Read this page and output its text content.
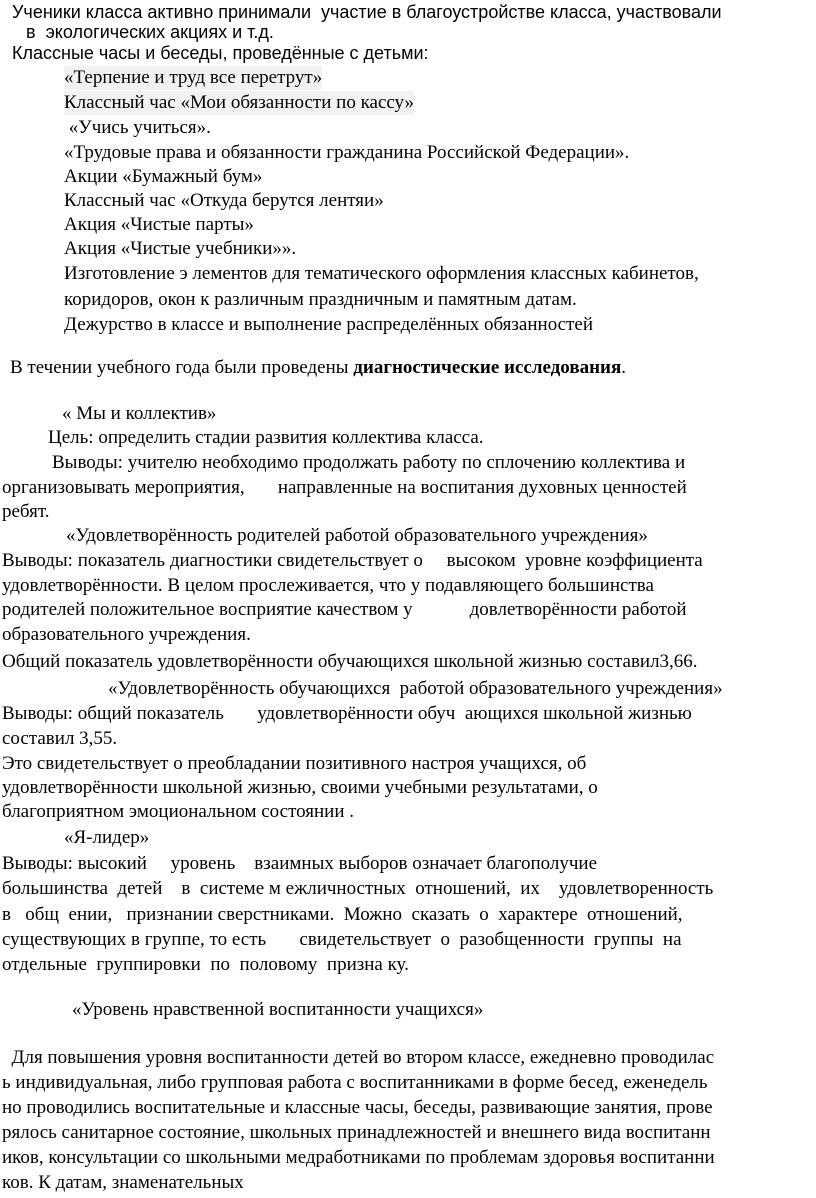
Ученики класса активно принимали  участие в благоустройстве класса, участвовали
в  экологических акциях и т.д.
Классные часы и беседы, проведённые с детьми:
«Терпение и труд все перетрут»
Классный час «Мои обязанности по кассу»
«Учись учиться».
«Трудовые права и обязанности гражданина Российской Федерации».
Акции «Бумажный бум»
Классный час «Откуда берутся лентяи»
Акция «Чистые парты»
Акция «Чистые учебники»».
Изготовление э лементов для тематического оформления классных кабинетов,
коридоров, окон к различным праздничным и памятным датам.
Дежурство в классе и выполнение распределённых обязанностей
В течении учебного года были проведены диагностические исследования.
« Мы и коллектив»
Цель: определить стадии развития коллектива класса.
Выводы: учителю необходимо продолжать работу по сплочению коллектива и
организовывать мероприятия,       направленные на воспитания духовных ценностей
ребят.
«Удовлетворённость родителей работой образовательного учреждения»
Выводы: показатель диагностики свидетельствует о     высоком  уровне коэффициента
удовлетворённости. В целом прослеживается, что у подавляющего большинства
родителей положительное восприятие качеством у            довлетворённости работой
образовательного учреждения.
Общий показатель удовлетворённости обучающихся школьной жизнью составил3,66.
«Удовлетворённость обучающихся  работой образовательного учреждения»
Выводы: общий показатель       удовлетворённости обуч  ающихся школьной жизнью
составил 3,55.
Это свидетельствует о преобладании позитивного настроя учащихся, об
удовлетворённости школьной жизнью, своими учебными результатами, о
благоприятном эмоциональном состоянии .
«Я-лидер»
Выводы: высокий     уровень    взаимных выборов означает благополучие
большинства  детей    в  системе м ежличностных  отношений,  их    удовлетворенность
в   общ  ении,   признании сверстниками.  Можно  сказать  о  характере  отношений,
существующих в группе, то есть       свидетельствует  о  разобщенности  группы  на
отдельные  группировки  по  половому  призна ку.
«Уровень нравственной воспитанности учащихся»
Для повышения уровня воспитанности детей во втором классе, ежедневно проводилас
ь индивидуальная, либо групповая работа с воспитанниками в форме бесед, еженедель
но проводились воспитательные и классные часы, беседы, развивающие занятия, прове
рялось санитарное состояние, школьных принадлежностей и внешнего вида воспитанн
иков, консультации со школьными медработниками по проблемам здоровья воспитанни
ков. К датам, знаменательных
